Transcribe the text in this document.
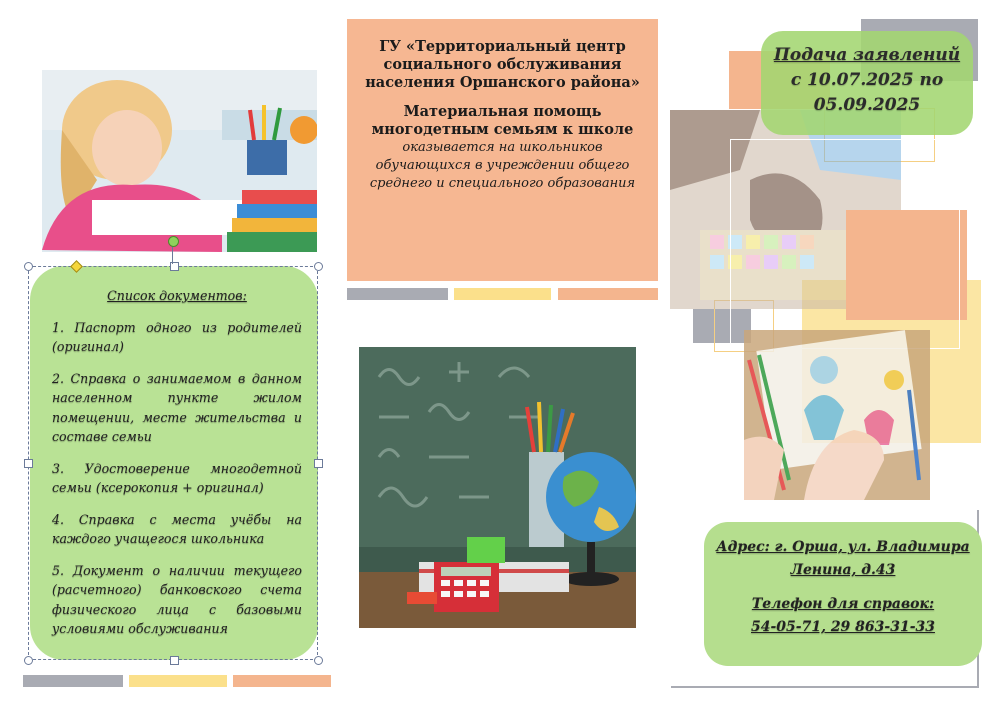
Список документов:
1. Паспорт одного из родителей (оригинал)
2. Справка о занимаемом в данном населенном пункте жилом помещении, месте жительства и составе семьи
3. Удостоверение многодетной семьи (ксерокопия + оригинал)
4. Справка с места учёбы на каждого учащегося школьника
5. Документ о наличии текущего (расчетного) банковского счета физического лица с базовыми условиями обслуживания

ГУ «Территориальный центр социального обслуживания населения Оршанского района»

Материальная помощь многодетным семьям к школе

оказывается на школьников обучающихся в учреждении общего среднего и специального образования

Подача заявлений
с 10.07.2025 по
05.09.2025
Адрес: г. Орша, ул. Владимира
Ленина, д.43
Телефон для справок:
54-05-71, 29 863-31-33
